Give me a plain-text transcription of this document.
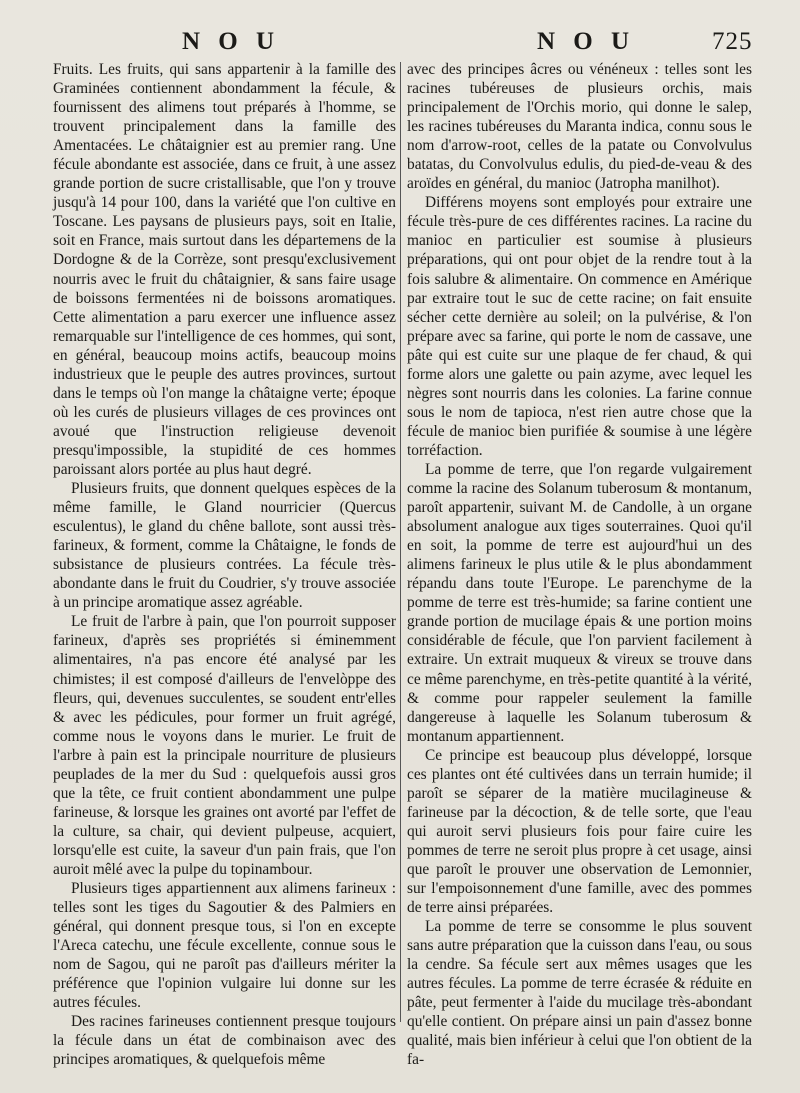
N O U	N O U	725

Fruits. Les fruits, qui sans appartenir à la famille des Graminées contiennent abondamment la fécule, & fournissent des alimens tout préparés à l'homme, se trouvent principalement dans la famille des Amentacées. Le châtaignier est au premier rang. Une fécule abondante est associée, dans ce fruit, à une assez grande portion de sucre cristallisable, que l'on y trouve jusqu'à 14 pour 100, dans la variété que l'on cultive en Toscane. Les paysans de plusieurs pays, soit en Italie, soit en France, mais surtout dans les départemens de la Dordogne & de la Corrèze, sont presqu'exclusivement nourris avec le fruit du châtaignier, & sans faire usage de boissons fermentées ni de boissons aromatiques. Cette alimentation a paru exercer une influence assez remarquable sur l'intelligence de ces hommes, qui sont, en général, beaucoup moins actifs, beaucoup moins industrieux que le peuple des autres provinces, surtout dans le temps où l'on mange la châtaigne verte; époque où les curés de plusieurs villages de ces provinces ont avoué que l'instruction religieuse devenoit presqu'impossible, la stupidité de ces hommes paroissant alors portée au plus haut degré.

Plusieurs fruits, que donnent quelques espèces de la même famille, le Gland nourricier (Quercus esculentus), le gland du chêne ballote, sont aussi très-farineux, & forment, comme la Châtaigne, le fonds de subsistance de plusieurs contrées. La fécule très-abondante dans le fruit du Coudrier, s'y trouve associée à un principe aromatique assez agréable.

Le fruit de l'arbre à pain, que l'on pourroit supposer farineux, d'après ses propriétés si éminemment alimentaires, n'a pas encore été analysé par les chimistes; il est composé d'ailleurs de l'envelòppe des fleurs, qui, devenues succulentes, se soudent entr'elles & avec les pédicules, pour former un fruit agrégé, comme nous le voyons dans le murier. Le fruit de l'arbre à pain est la principale nourriture de plusieurs peuplades de la mer du Sud : quelquefois aussi gros que la tête, ce fruit contient abondamment une pulpe farineuse, & lorsque les graines ont avorté par l'effet de la culture, sa chair, qui devient pulpeuse, acquiert, lorsqu'elle est cuite, la saveur d'un pain frais, que l'on auroit mêlé avec la pulpe du topinambour.

Plusieurs tiges appartiennent aux alimens farineux : telles sont les tiges du Sagoutier & des Palmiers en général, qui donnent presque tous, si l'on en excepte l'Areca catechu, une fécule excellente, connue sous le nom de Sagou, qui ne paroît pas d'ailleurs mériter la préférence que l'opinion vulgaire lui donne sur les autres fécules.

Des racines farineuses contiennent presque toujours la fécule dans un état de combinaison avec des principes aromatiques, & quelquefois même

avec des principes âcres ou vénéneux : telles sont les racines tubéreuses de plusieurs orchis, mais principalement de l'Orchis morio, qui donne le salep, les racines tubéreuses du Maranta indica, connu sous le nom d'arrow-root, celles de la patate ou Convolvulus batatas, du Convolvulus edulis, du pied-de-veau & des aroïdes en général, du manioc (Jatropha manilhot).

Différens moyens sont employés pour extraire une fécule très-pure de ces différentes racines. La racine du manioc en particulier est soumise à plusieurs préparations, qui ont pour objet de la rendre tout à la fois salubre & alimentaire. On commence en Amérique par extraire tout le suc de cette racine; on fait ensuite sécher cette dernière au soleil; on la pulvérise, & l'on prépare avec sa farine, qui porte le nom de cassave, une pâte qui est cuite sur une plaque de fer chaud, & qui forme alors une galette ou pain azyme, avec lequel les nègres sont nourris dans les colonies. La farine connue sous le nom de tapioca, n'est rien autre chose que la fécule de manioc bien purifiée & soumise à une légère torréfaction.

La pomme de terre, que l'on regarde vulgairement comme la racine des Solanum tuberosum & montanum, paroît appartenir, suivant M. de Candolle, à un organe absolument analogue aux tiges souterraines. Quoi qu'il en soit, la pomme de terre est aujourd'hui un des alimens farineux le plus utile & le plus abondamment répandu dans toute l'Europe. Le parenchyme de la pomme de terre est très-humide; sa farine contient une grande portion de mucilage épais & une portion moins considérable de fécule, que l'on parvient facilement à extraire. Un extrait muqueux & vireux se trouve dans ce même parenchyme, en très-petite quantité à la vérité, & comme pour rappeler seulement la famille dangereuse à laquelle les Solanum tuberosum & montanum appartiennent.

Ce principe est beaucoup plus développé, lorsque ces plantes ont été cultivées dans un terrain humide; il paroît se séparer de la matière mucilagineuse & farineuse par la décoction, & de telle sorte, que l'eau qui auroit servi plusieurs fois pour faire cuire les pommes de terre ne seroit plus propre à cet usage, ainsi que paroît le prouver une observation de Lemonnier, sur l'empoisonnement d'une famille, avec des pommes de terre ainsi préparées.

La pomme de terre se consomme le plus souvent sans autre préparation que la cuisson dans l'eau, ou sous la cendre. Sa fécule sert aux mêmes usages que les autres fécules. La pomme de terre écrasée & réduite en pâte, peut fermenter à l'aide du mucilage très-abondant qu'elle contient. On prépare ainsi un pain d'assez bonne qualité, mais bien inférieur à celui que l'on obtient de la fa-
